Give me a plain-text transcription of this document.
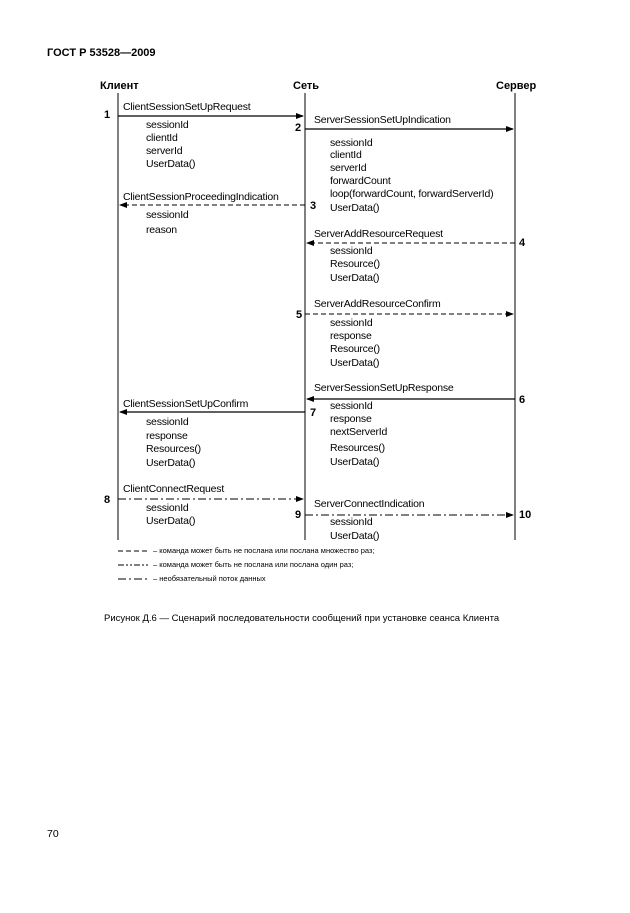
ГОСТ Р 53528—2009
Клиент	Сеть	Сервер
1
ClientSessionSetUpRequest
sessionId
clientId
serverId
UserData()
2
ServerSessionSetUpIndication
sessionId
clientId
serverId
forwardCount
loop(forwardCount, forwardServerId)
UserData()
3
ClientSessionProceedingIndication
sessionId
reason
4
ServerAddResourceRequest
sessionId
Resource()
UserData()
5
ServerAddResourceConfirm
sessionId
response
Resource()
UserData()
6
ServerSessionSetUpResponse
sessionId
response
nextServerId
Resources()
UserData()
7
ClientSessionSetUpConfirm
sessionId
response
Resources()
UserData()
8
ClientConnectRequest
sessionId
UserData()	9
ServerConnectIndication
sessionId
UserData()
10
– команда может быть не послана или послана множество раз;
– команда может быть не послана или послана один раз;
– необязательный поток данных
Рисунок Д.6 — Сценарий последовательности сообщений при установке сеанса Клиента
70
